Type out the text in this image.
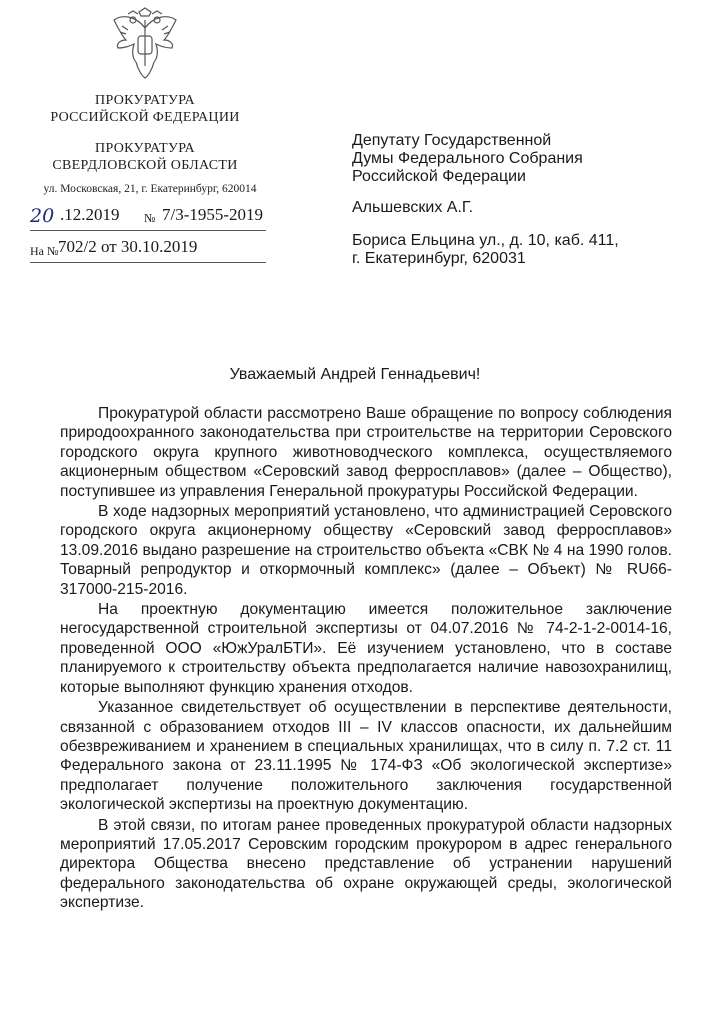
ПРОКУРАТУРА
РОССИЙСКОЙ ФЕДЕРАЦИИ
ПРОКУРАТУРА
СВЕРДЛОВСКОЙ ОБЛАСТИ
ул. Московская, 21, г. Екатеринбург, 620014
20 .12.2019 № 7/3-1955-2019
На № 702/2 от 30.10.2019
Депутату Государственной
Думы Федерального Собрания
Российской Федерации
Альшевских А.Г.
Бориса Ельцина ул., д. 10, каб. 411,
г. Екатеринбург, 620031
Уважаемый Андрей Геннадьевич!

Прокуратурой области рассмотрено Ваше обращение по вопросу соблюдения природоохранного законодательства при строительстве на территории Серовского городского округа крупного животноводческого комплекса, осуществляемого акционерным обществом «Серовский завод ферросплавов» (далее – Общество), поступившее из управления Генеральной прокуратуры Российской Федерации.

В ходе надзорных мероприятий установлено, что администрацией Серовского городского округа акционерному обществу «Серовский завод ферросплавов» 13.09.2016 выдано разрешение на строительство объекта «СВК № 4 на 1990 голов. Товарный репродуктор и откормочный комплекс» (далее – Объект) № RU66-317000-215-2016.

На проектную документацию имеется положительное заключение негосударственной строительной экспертизы от 04.07.2016 № 74-2-1-2-0014-16, проведенной ООО «ЮжУралБТИ». Её изучением установлено, что в составе планируемого к строительству объекта предполагается наличие навозохранилищ, которые выполняют функцию хранения отходов.

Указанное свидетельствует об осуществлении в перспективе деятельности, связанной с образованием отходов III – IV классов опасности, их дальнейшим обезвреживанием и хранением в специальных хранилищах, что в силу п. 7.2 ст. 11 Федерального закона от 23.11.1995 № 174-ФЗ «Об экологической экспертизе» предполагает получение положительного заключения государственной экологической экспертизы на проектную документацию.

В этой связи, по итогам ранее проведенных прокуратурой области надзорных мероприятий 17.05.2017 Серовским городским прокурором в адрес генерального директора Общества внесено представление об устранении нарушений федерального законодательства об охране окружающей среды, экологической экспертизе.
